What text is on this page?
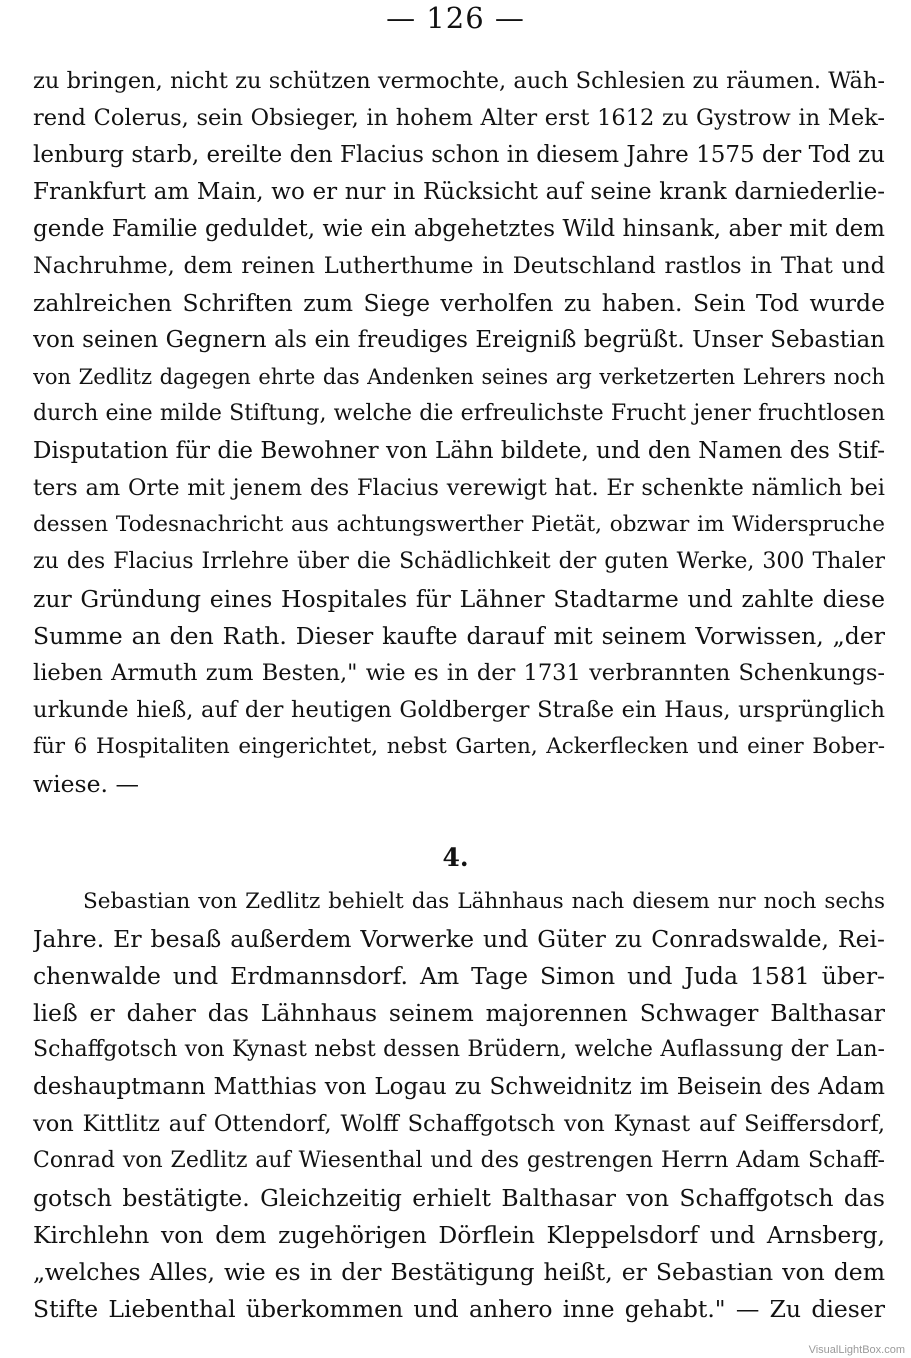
— 126 —
zu bringen, nicht zu schützen vermochte, auch Schlesien zu räumen. Wäh-
rend Colerus, sein Obsieger, in hohem Alter erst 1612 zu Gystrow in Mek-
lenburg starb, ereilte den Flacius schon in diesem Jahre 1575 der Tod zu
Frankfurt am Main, wo er nur in Rücksicht auf seine krank darniederlie-
gende Familie geduldet, wie ein abgehetztes Wild hinsank, aber mit dem
Nachruhme, dem reinen Lutherthume in Deutschland rastlos in That und
zahlreichen Schriften zum Siege verholfen zu haben. Sein Tod wurde
von seinen Gegnern als ein freudiges Ereigniß begrüßt. Unser Sebastian
von Zedlitz dagegen ehrte das Andenken seines arg verketzerten Lehrers noch
durch eine milde Stiftung, welche die erfreulichste Frucht jener fruchtlosen
Disputation für die Bewohner von Lähn bildete, und den Namen des Stif-
ters am Orte mit jenem des Flacius verewigt hat. Er schenkte nämlich bei
dessen Todesnachricht aus achtungswerther Pietät, obzwar im Widerspruche
zu des Flacius Irrlehre über die Schädlichkeit der guten Werke, 300 Thaler
zur Gründung eines Hospitales für Lähner Stadtarme und zahlte diese
Summe an den Rath. Dieser kaufte darauf mit seinem Vorwissen, „der
lieben Armuth zum Besten," wie es in der 1731 verbrannten Schenkungs-
urkunde hieß, auf der heutigen Goldberger Straße ein Haus, ursprünglich
für 6 Hospitaliten eingerichtet, nebst Garten, Ackerflecken und einer Bober-
wiese. —
4.
Sebastian von Zedlitz behielt das Lähnhaus nach diesem nur noch sechs
Jahre. Er besaß außerdem Vorwerke und Güter zu Conradswalde, Rei-
chenwalde und Erdmannsdorf. Am Tage Simon und Juda 1581 über-
ließ er daher das Lähnhaus seinem majorennen Schwager Balthasar
Schaffgotsch von Kynast nebst dessen Brüdern, welche Auflassung der Lan-
deshauptmann Matthias von Logau zu Schweidnitz im Beisein des Adam
von Kittlitz auf Ottendorf, Wolff Schaffgotsch von Kynast auf Seiffersdorf,
Conrad von Zedlitz auf Wiesenthal und des gestrengen Herrn Adam Schaff-
gotsch bestätigte. Gleichzeitig erhielt Balthasar von Schaffgotsch das
Kirchlehn von dem zugehörigen Dörflein Kleppelsdorf und Arnsberg,
„welches Alles, wie es in der Bestätigung heißt, er Sebastian von dem
Stifte Liebenthal überkommen und anhero inne gehabt." — Zu dieser
VisualLightBox.com
